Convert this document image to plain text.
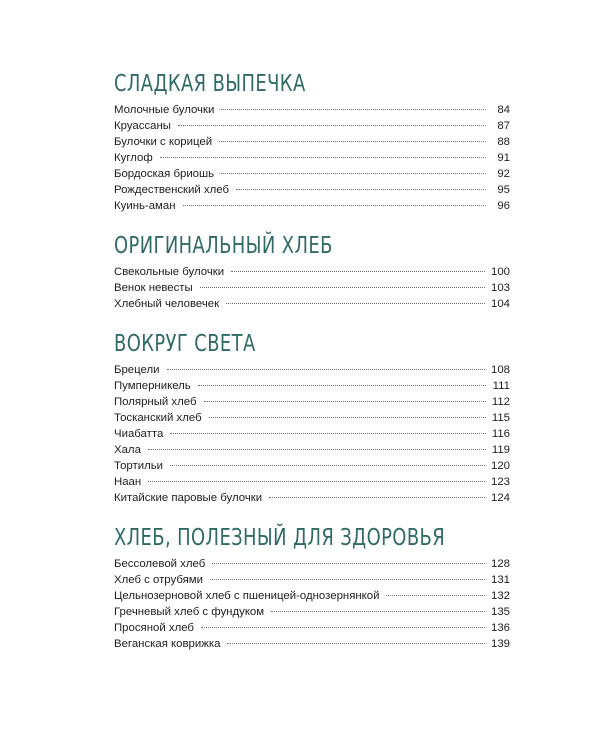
СЛАДКАЯ ВЫПЕЧКА
Молочные булочки	84
Круассаны	87
Булочки с корицей	88
Куглоф	91
Бордоская бриошь	92
Рождественский хлеб	95
Куинь-аман	96
ОРИГИНАЛЬНЫЙ ХЛЕБ
Свекольные булочки	100
Венок невесты	103
Хлебный человечек	104
ВОКРУГ СВЕТА
Брецели	108
Пумперникель	111
Полярный хлеб	112
Тосканский хлеб	115
Чиабатта	116
Хала	119
Тортильи	120
Наан	123
Китайские паровые булочки	124
ХЛЕБ, ПОЛЕЗНЫЙ ДЛЯ ЗДОРОВЬЯ
Бессолевой хлеб	128
Хлеб с отрубями	131
Цельнозерновой хлеб с пшеницей-однозернянкой	132
Гречневый хлеб с фундуком	135
Просяной хлеб	136
Веганская коврижка	139
